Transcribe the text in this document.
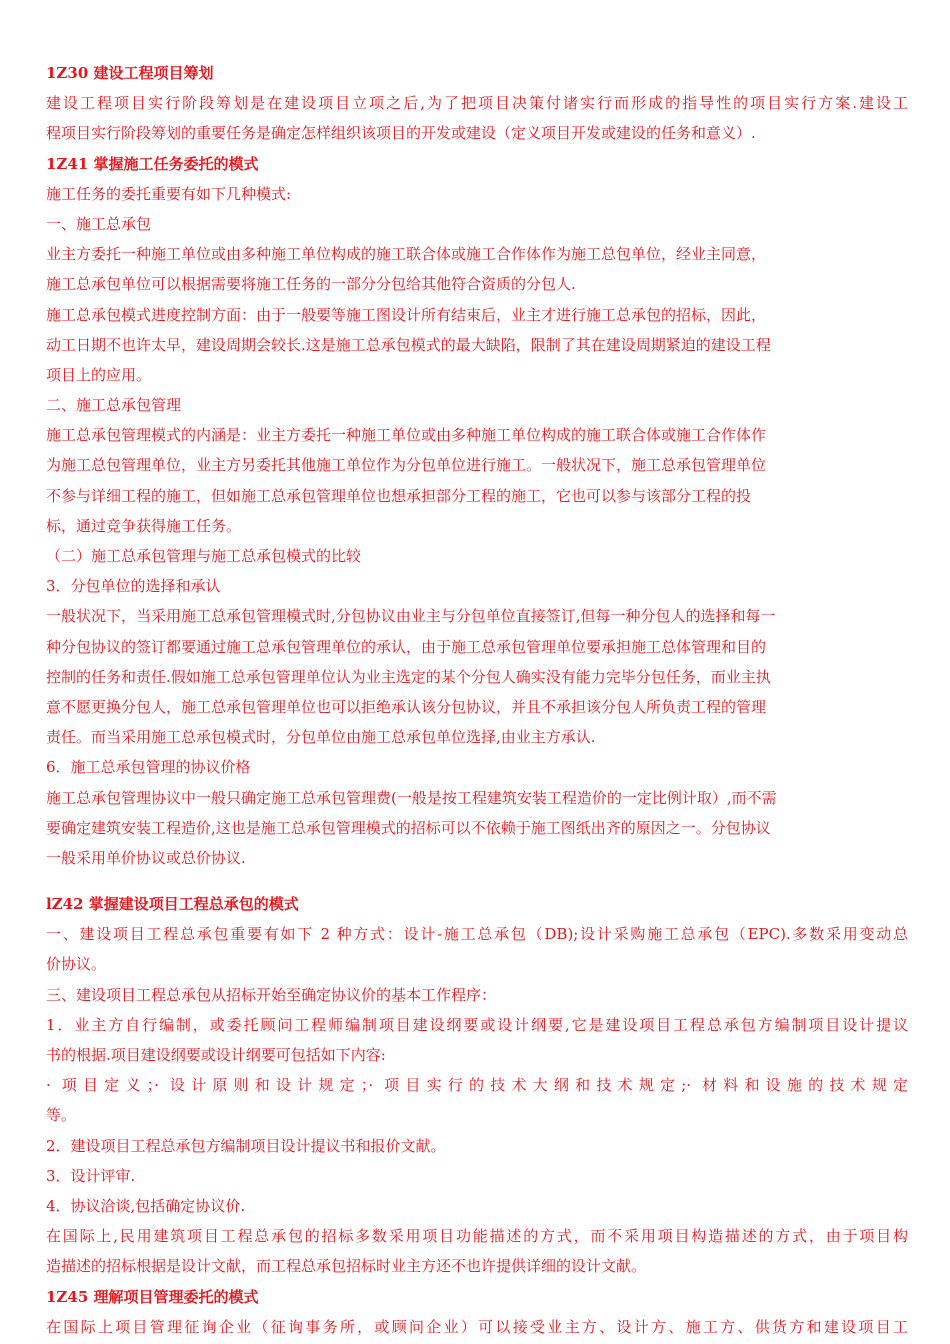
1Z30 建设工程项目筹划
建设工程项目实行阶段筹划是在建设项目立项之后,为了把项目决策付诸实行而形成的指导性的项目实行方案.建设工
程项目实行阶段筹划的重要任务是确定怎样组织该项目的开发或建设（定义项目开发或建设的任务和意义）.
1Z41 掌握施工任务委托的模式
施工任务的委托重要有如下几种模式:
一、施工总承包
业主方委托一种施工单位或由多种施工单位构成的施工联合体或施工合作体作为施工总包单位，经业主同意，
施工总承包单位可以根据需要将施工任务的一部分分包给其他符合资质的分包人.
施工总承包模式进度控制方面：由于一般要等施工图设计所有结束后，业主才进行施工总承包的招标，因此，
动工日期不也许太早，建设周期会较长.这是施工总承包模式的最大缺陷，限制了其在建设周期紧迫的建设工程
项目上的应用。
二、施工总承包管理
施工总承包管理模式的内涵是：业主方委托一种施工单位或由多种施工单位构成的施工联合体或施工合作体作
为施工总包管理单位，业主方另委托其他施工单位作为分包单位进行施工。一般状况下，施工总承包管理单位
不参与详细工程的施工，但如施工总承包管理单位也想承担部分工程的施工，它也可以参与该部分工程的投
标，通过竞争获得施工任务。
（二）施工总承包管理与施工总承包模式的比较
3．分包单位的选择和承认
一般状况下，当采用施工总承包管理模式时,分包协议由业主与分包单位直接签订,但每一种分包人的选择和每一
种分包协议的签订都要通过施工总承包管理单位的承认，由于施工总承包管理单位要承担施工总体管理和目的
控制的任务和责任.假如施工总承包管理单位认为业主选定的某个分包人确实没有能力完毕分包任务，而业主执
意不愿更换分包人，施工总承包管理单位也可以拒绝承认该分包协议，并且不承担该分包人所负责工程的管理
责任。而当采用施工总承包模式时，分包单位由施工总承包单位选择,由业主方承认.
6．施工总承包管理的协议价格
施工总承包管理协议中一般只确定施工总承包管理费(一般是按工程建筑安装工程造价的一定比例计取）,而不需
要确定建筑安装工程造价,这也是施工总承包管理模式的招标可以不依赖于施工图纸出齐的原因之一。分包协议
一般采用单价协议或总价协议.
lZ42 掌握建设项目工程总承包的模式
一、建设项目工程总承包重要有如下 2 种方式：设计-施工总承包（DB);设计采购施工总承包（EPC).多数采用变动总
价协议。
三、建设项目工程总承包从招标开始至确定协议价的基本工作程序：
1．业主方自行编制，或委托顾问工程师编制项目建设纲要或设计纲要,它是建设项目工程总承包方编制项目设计提议
书的根据.项目建设纲要或设计纲要可包括如下内容:
· 项目定义；· 设计原则和设计规定；· 项目实行的技术大纲和技术规定;· 材料和设施的技术规定
等。
2．建设项目工程总承包方编制项目设计提议书和报价文献。
3．设计评审.
4．协议洽谈,包括确定协议价.
在国际上,民用建筑项目工程总承包的招标多数采用项目功能描述的方式，而不采用项目构造描述的方式，由于项目构
造描述的招标根据是设计文献，而工程总承包招标时业主方还不也许提供详细的设计文献。
1Z45 理解项目管理委托的模式
在国际上项目管理征询企业（征询事务所，或顾问企业）可以接受业主方、设计方、施工方、供货方和建设项目工
